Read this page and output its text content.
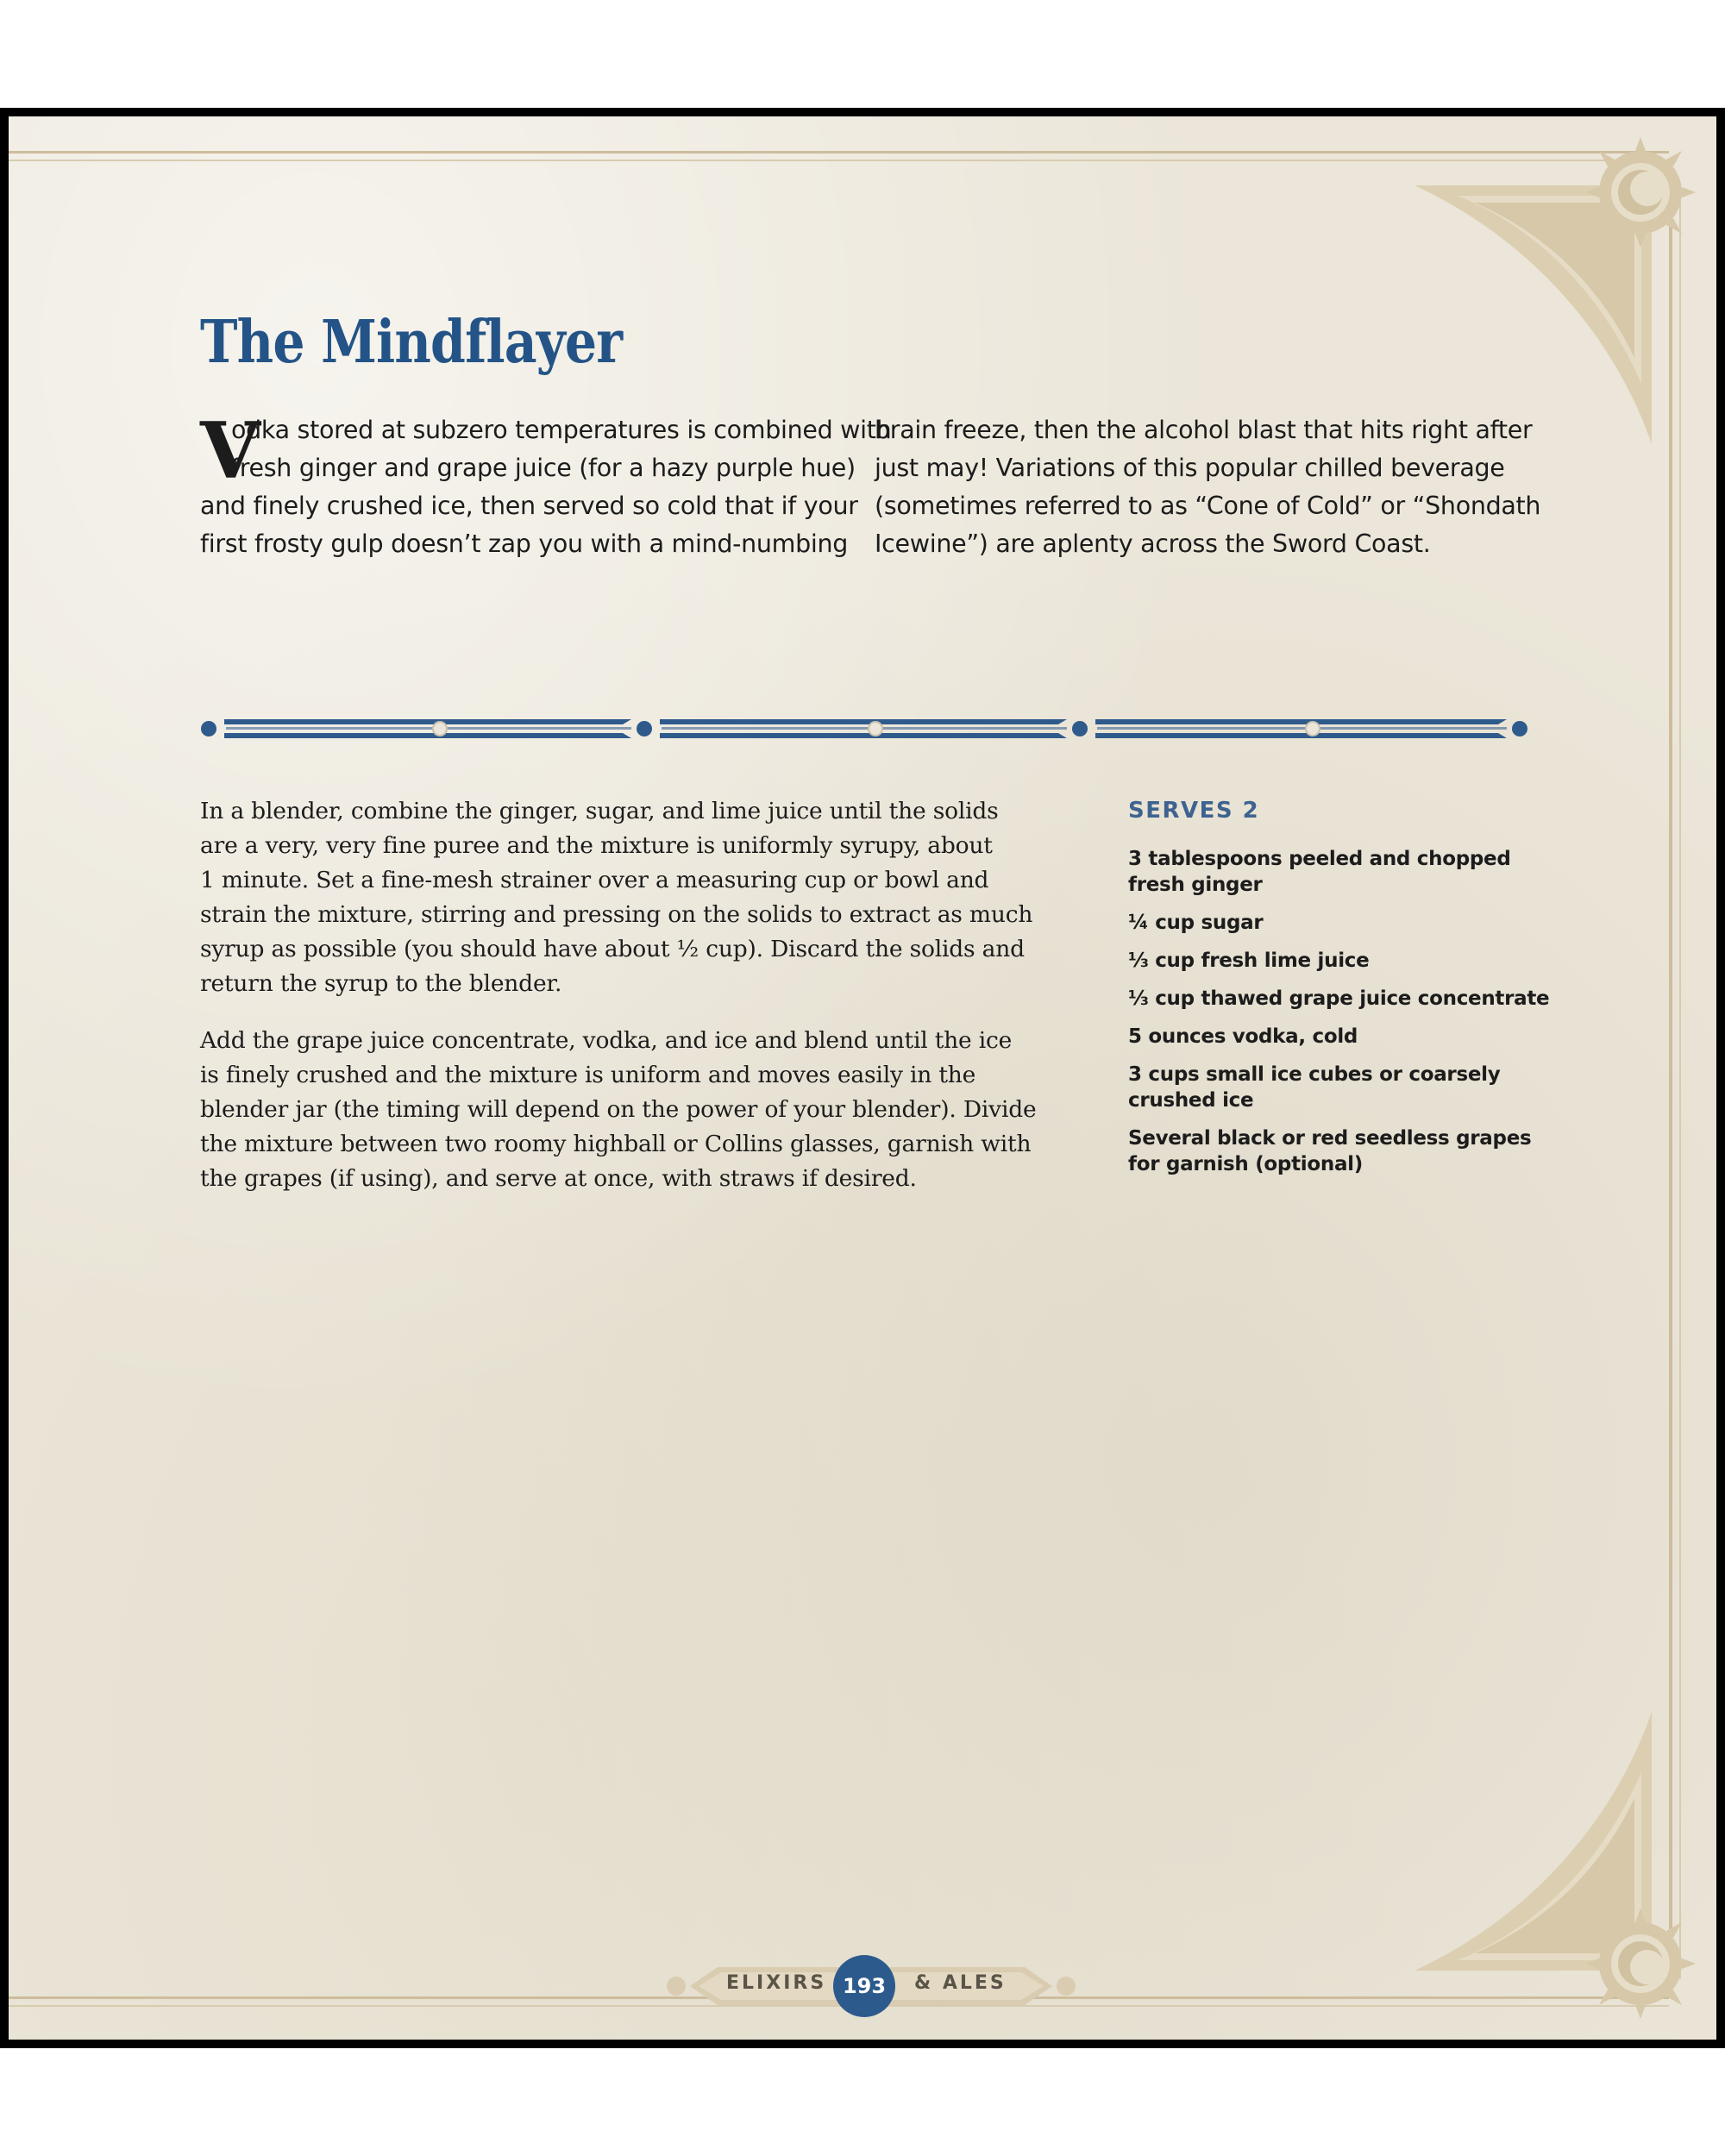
The Mindflayer
V
odka stored at subzero temperatures is combined with
fresh ginger and grape juice (for a hazy purple hue)
and finely crushed ice, then served so cold that if your
first frosty gulp doesn’t zap you with a mind-numbing
brain freeze, then the alcohol blast that hits right after
just may! Variations of this popular chilled beverage
(sometimes referred to as “Cone of Cold” or “Shondath
Icewine”) are aplenty across the Sword Coast.
In a blender, combine the ginger, sugar, and lime juice until the solids
are a very, very fine puree and the mixture is uniformly syrupy, about
1 minute. Set a fine-mesh strainer over a measuring cup or bowl and
strain the mixture, stirring and pressing on the solids to extract as much
syrup as possible (you should have about ½ cup). Discard the solids and
return the syrup to the blender.
Add the grape juice concentrate, vodka, and ice and blend until the ice
is finely crushed and the mixture is uniform and moves easily in the
blender jar (the timing will depend on the power of your blender). Divide
the mixture between two roomy highball or Collins glasses, garnish with
the grapes (if using), and serve at once, with straws if desired.
SERVES 2
3 tablespoons peeled and chopped
fresh ginger
¼ cup sugar
⅓ cup fresh lime juice
⅓ cup thawed grape juice concentrate
5 ounces vodka, cold
3 cups small ice cubes or coarsely
crushed ice
Several black or red seedless grapes
for garnish (optional)
ELIXIRS 193	& ALES
